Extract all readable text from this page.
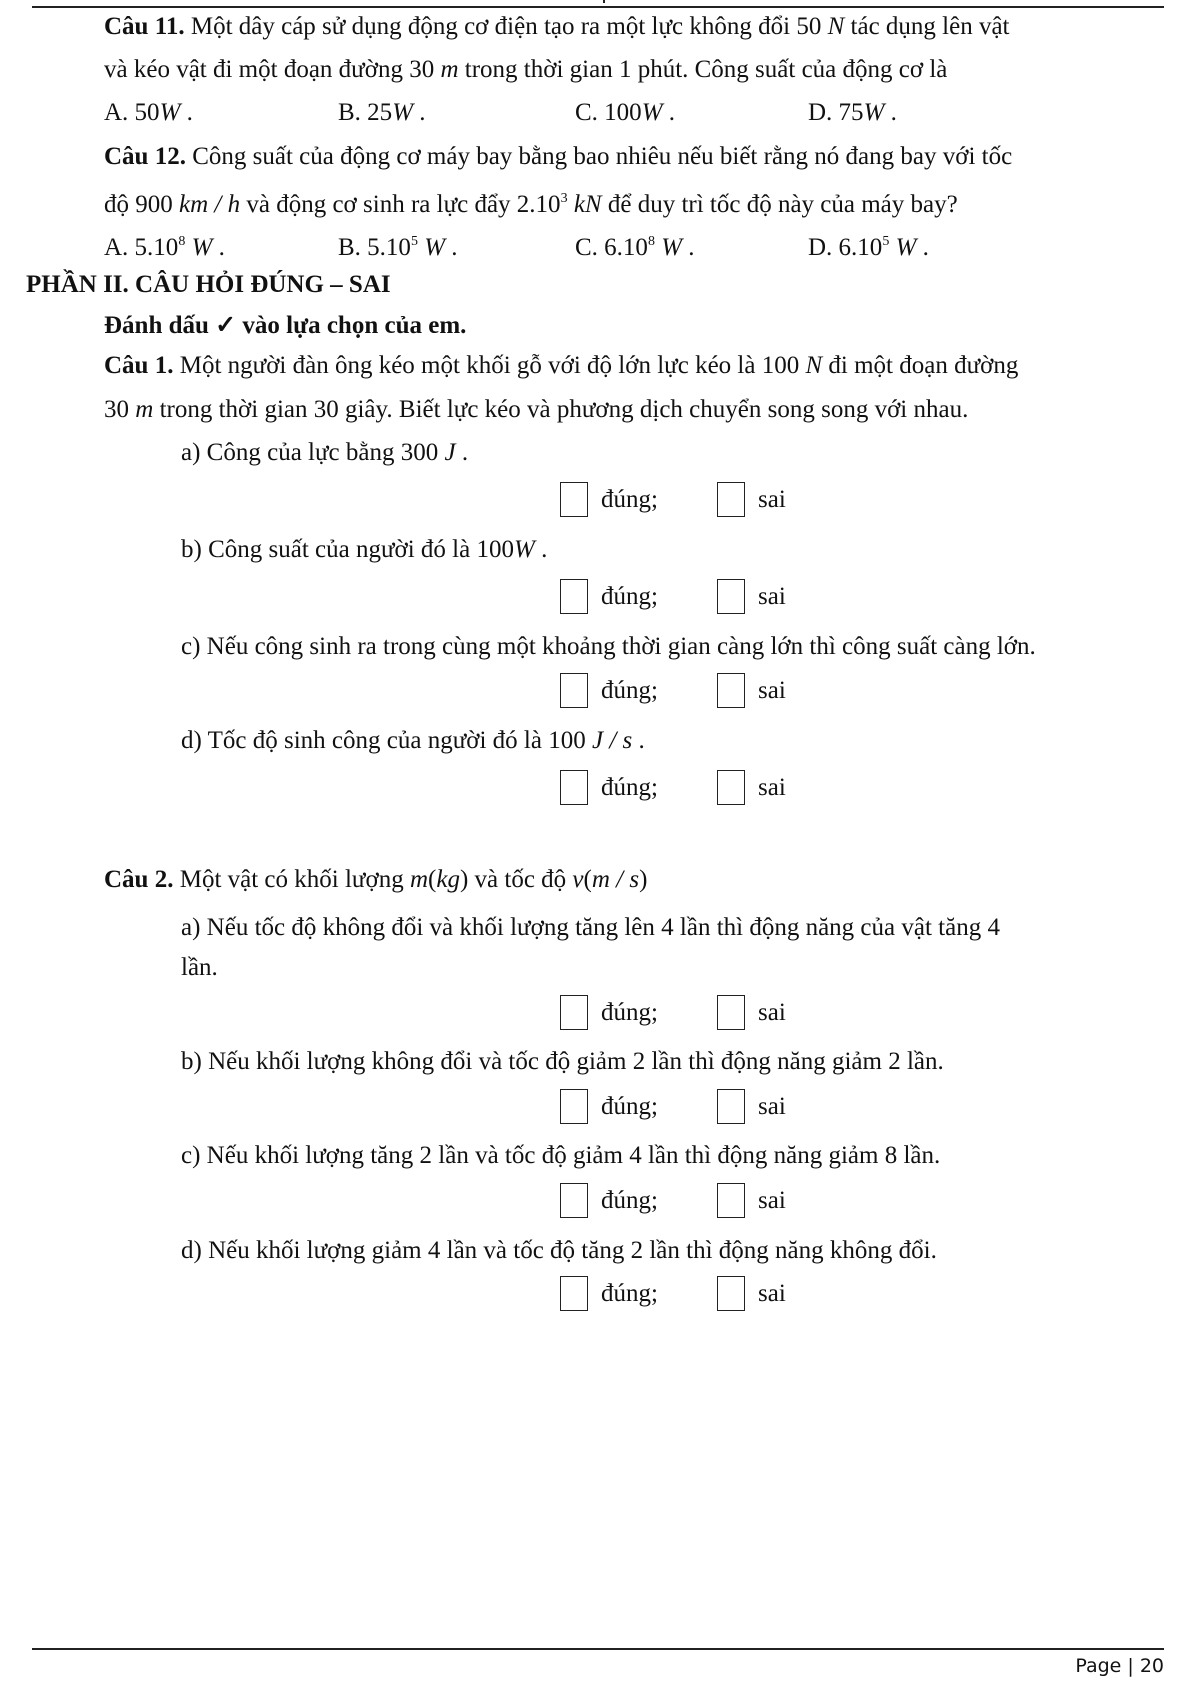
Câu 11. Một dây cáp sử dụng động cơ điện tạo ra một lực không đổi 50 N tác dụng lên vật
và kéo vật đi một đoạn đường 30 m trong thời gian 1 phút. Công suất của động cơ là
A. 50W .	B. 25W .	C. 100W .	D. 75W .
Câu 12. Công suất của động cơ máy bay bằng bao nhiêu nếu biết rằng nó đang bay với tốc
độ 900 km / h và động cơ sinh ra lực đẩy 2.10$^3$ kN để duy trì tốc độ này của máy bay?
A. 5.10$^8$ W .	B. 5.10$^5$ W .	C. 6.10$^8$ W .	D. 6.10$^5$ W .
PHẦN II. CÂU HỎI ĐÚNG – SAI
Đánh dấu ✓ vào lựa chọn của em.
Câu 1. Một người đàn ông kéo một khối gỗ với độ lớn lực kéo là 100 N đi một đoạn đường
30 m trong thời gian 30 giây. Biết lực kéo và phương dịch chuyển song song với nhau.
a) Công của lực bằng 300 J .
đúng;	sai
b) Công suất của người đó là 100W .
đúng;	sai
c) Nếu công sinh ra trong cùng một khoảng thời gian càng lớn thì công suất càng lớn.
đúng;	sai
d) Tốc độ sinh công của người đó là 100 J / s .
đúng;	sai
Câu 2. Một vật có khối lượng m(kg) và tốc độ v(m / s)
a) Nếu tốc độ không đổi và khối lượng tăng lên 4 lần thì động năng của vật tăng 4
lần.
đúng;	sai
b) Nếu khối lượng không đổi và tốc độ giảm 2 lần thì động năng giảm 2 lần.
đúng;	sai
c) Nếu khối lượng tăng 2 lần và tốc độ giảm 4 lần thì động năng giảm 8 lần.
đúng;	sai
d) Nếu khối lượng giảm 4 lần và tốc độ tăng 2 lần thì động năng không đổi.
đúng;	sai
Page | 20
